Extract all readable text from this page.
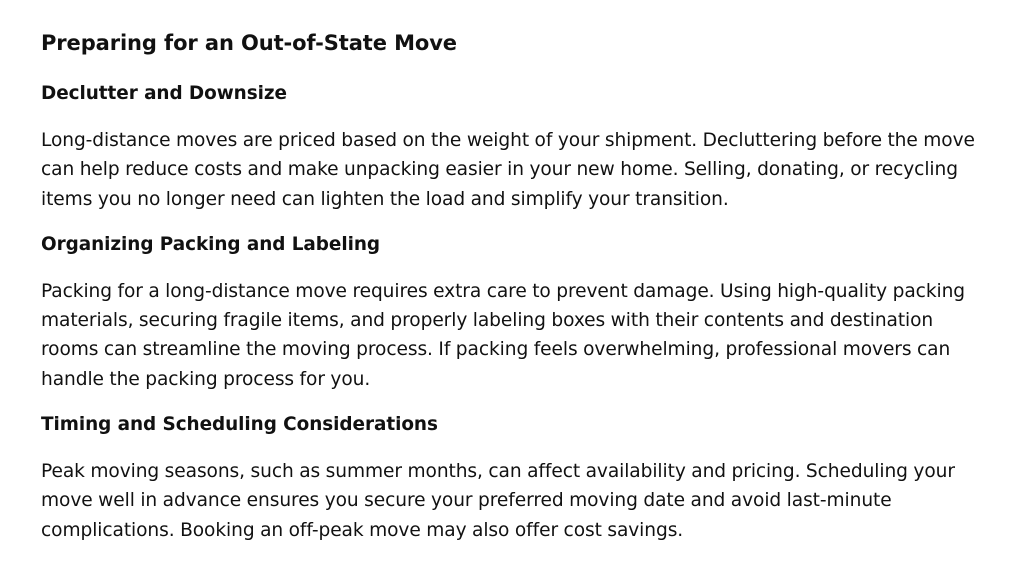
Preparing for an Out-of-State Move
Declutter and Downsize

Long-distance moves are priced based on the weight of your shipment. Decluttering before the move can help reduce costs and make unpacking easier in your new home. Selling, donating, or recycling items you no longer need can lighten the load and simplify your transition.

Organizing Packing and Labeling

Packing for a long-distance move requires extra care to prevent damage. Using high-quality packing materials, securing fragile items, and properly labeling boxes with their contents and destination rooms can streamline the moving process. If packing feels overwhelming, professional movers can handle the packing process for you.

Timing and Scheduling Considerations

Peak moving seasons, such as summer months, can affect availability and pricing. Scheduling your move well in advance ensures you secure your preferred moving date and avoid last-minute complications. Booking an off-peak move may also offer cost savings.
